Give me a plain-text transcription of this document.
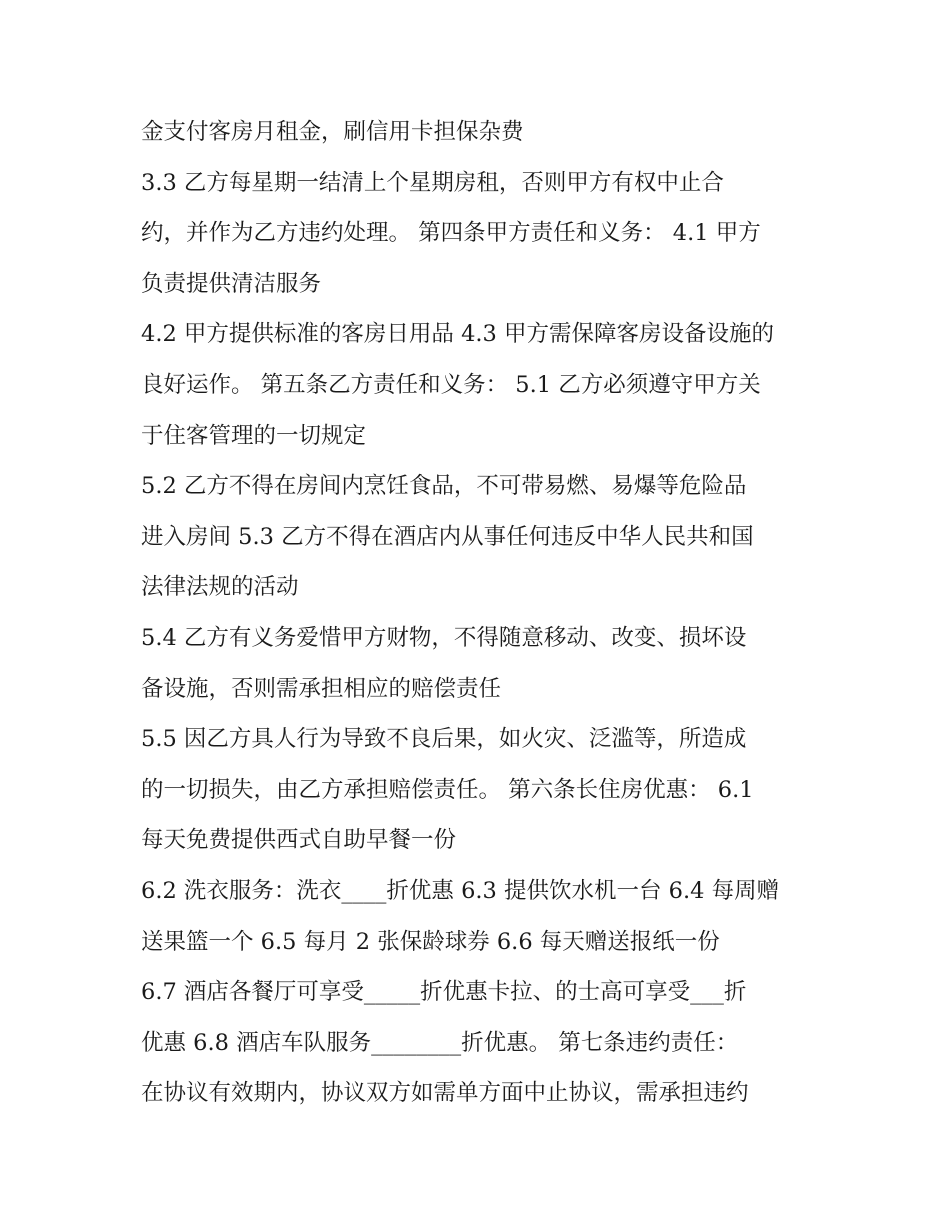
金支付客房月租金，刷信用卡担保杂费
3.3 乙方每星期一结清上个星期房租，否则甲方有权中止合
约，并作为乙方违约处理。 第四条甲方责任和义务： 4.1 甲方
负责提供清洁服务
4.2 甲方提供标准的客房日用品 4.3 甲方需保障客房设备设施的
良好运作。 第五条乙方责任和义务： 5.1 乙方必须遵守甲方关
于住客管理的一切规定
5.2 乙方不得在房间内烹饪食品，不可带易燃、易爆等危险品
进入房间 5.3 乙方不得在酒店内从事任何违反中华人民共和国
法律法规的活动
5.4 乙方有义务爱惜甲方财物，不得随意移动、改变、损坏设
备设施，否则需承担相应的赔偿责任
5.5 因乙方具人行为导致不良后果，如火灾、泛滥等，所造成
的一切损失，由乙方承担赔偿责任。 第六条长住房优惠： 6.1
每天免费提供西式自助早餐一份
6.2 洗衣服务：洗衣____折优惠 6.3 提供饮水机一台 6.4 每周赠
送果篮一个 6.5 每月 2 张保龄球券 6.6 每天赠送报纸一份
6.7 酒店各餐厅可享受_____折优惠卡拉、的士高可享受___折
优惠 6.8 酒店车队服务________折优惠。 第七条违约责任：
在协议有效期内，协议双方如需单方面中止协议，需承担违约
